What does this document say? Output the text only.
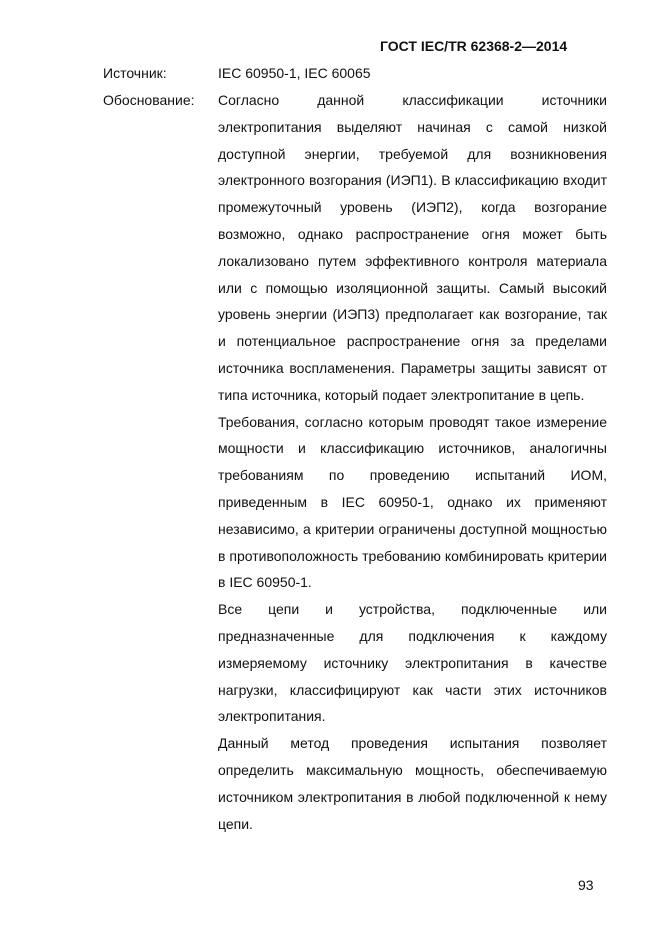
ГОСТ IEC/TR 62368-2—2014
Источник:	IEC 60950-1, IEC 60065
Обоснование: Согласно данной классификации источники электропитания выделяют начиная с самой низкой доступной энергии, требуемой для возникновения электронного возгорания (ИЭП1). В классификацию входит промежуточный уровень (ИЭП2), когда возгорание возможно, однако распространение огня может быть локализовано путем эффективного контроля материала или с помощью изоляционной защиты. Самый высокий уровень энергии (ИЭП3) предполагает как возгорание, так и потенциальное распространение огня за пределами источника воспламенения. Параметры защиты зависят от типа источника, который подает электропитание в цепь.

Требования, согласно которым проводят такое измерение мощности и классификацию источников, аналогичны требованиям по проведению испытаний ИОМ, приведенным в IEC 60950-1, однако их применяют независимо, а критерии ограничены доступной мощностью в противоположность требованию комбинировать критерии в IEC 60950-1.

Все цепи и устройства, подключенные или предназначенные для подключения к каждому измеряемому источнику электропитания в качестве нагрузки, классифицируют как части этих источников электропитания.

Данный метод проведения испытания позволяет определить максимальную мощность, обеспечиваемую источником электропитания в любой подключенной к нему цепи.

93
